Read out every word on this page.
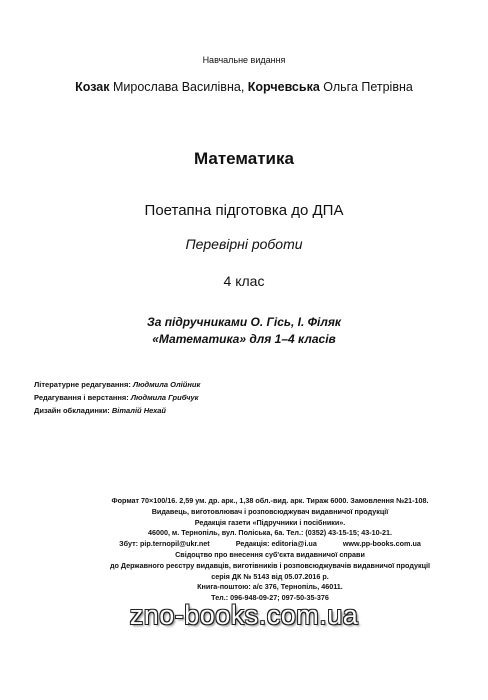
Навчальне видання
Козак Мирослава Василівна, Корчевська Ольга Петрівна
Математика
Поетапна підготовка до ДПА
Перевірні роботи
4 клас
За підручниками О. Гісь, І. Філяк
«Математика» для 1–4 класів
Літературне редагування: Людмила Олійник
Редагування і верстання: Людмила Грибчук
Дизайн обкладинки: Віталій Нехай
Формат 70×100/16. 2,59 ум. др. арк., 1,38 обл.-вид. арк. Тираж 6000. Замовлення №21-108.
Видавець, виготовлювач і розповсюджувач видавничої продукції
Редакція газети «Підручники і посібники».
46000, м. Тернопіль, вул. Поліська, 6а. Тел.: (0352) 43-15-15; 43-10-21.
Збут: pip.ternopil@ukr.net	Редакція: editoria@i.ua	www.pp-books.com.ua
Свідоцтво про внесення суб'єкта видавничої справи
до Державного реєстру видавців, виготівників і розповсюджувачів видавничої продукції
серія ДК № 5143 від 05.07.2016 р.
Книга-поштою: а/с 376, Тернопіль, 46011.
Тел.: 096-948-09-27; 097-50-35-376
zno-books.com.ua
